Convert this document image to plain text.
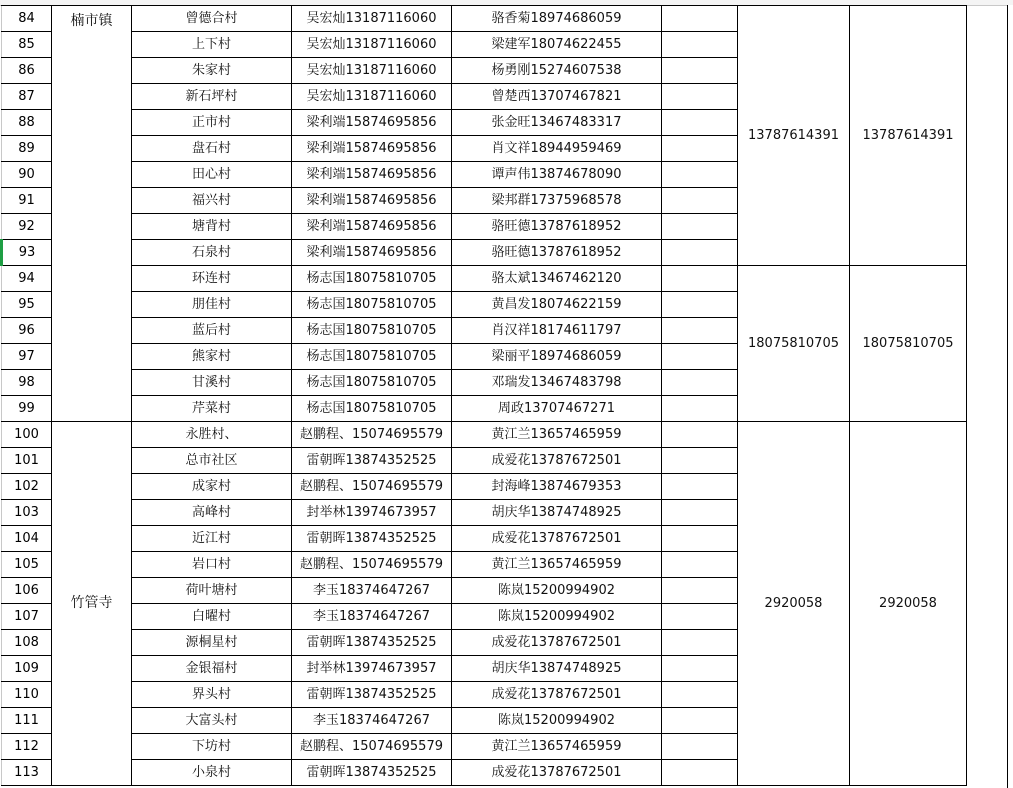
84	楠市镇	曾德合村	吴宏灿13187116060	骆香菊18974686059		13787614391	13787614391
85		上下村	吴宏灿13187116060	梁建军18074622455			
86		朱家村	吴宏灿13187116060	杨勇刚15274607538			
87		新石坪村	吴宏灿13187116060	曾楚西13707467821			
88		正市村	梁利端15874695856	张金旺13467483317			
89		盘石村	梁利端15874695856	肖文祥18944959469			
90		田心村	梁利端15874695856	谭声伟13874678090			
91		福兴村	梁利端15874695856	梁邦群17375968578			
92		塘背村	梁利端15874695856	骆旺德13787618952			
93		石泉村	梁利端15874695856	骆旺德13787618952			
94		环连村	杨志国18075810705	骆太斌13467462120		18075810705	18075810705
95		朋佳村	杨志国18075810705	黄昌发18074622159			
96		蓝后村	杨志国18075810705	肖汉祥18174611797			
97		熊家村	杨志国18075810705	梁丽平18974686059			
98		甘溪村	杨志国18075810705	邓瑞发13467483798			
99		芹菜村	杨志国18075810705	周政13707467271			
100	竹管寺	永胜村、	赵鹏程、15074695579	黄江兰13657465959		2920058	2920058
101		总市社区	雷朝晖13874352525	成爱花13787672501			
102		成家村	赵鹏程、15074695579	封海峰13874679353			
103		高峰村	封举林13974673957	胡庆华13874748925			
104		近江村	雷朝晖13874352525	成爱花13787672501			
105		岩口村	赵鹏程、15074695579	黄江兰13657465959			
106		荷叶塘村	李玉18374647267	陈岚15200994902			
107		白曜村	李玉18374647267	陈岚15200994902			
108		源桐星村	雷朝晖13874352525	成爱花13787672501			
109		金银福村	封举林13974673957	胡庆华13874748925			
110		界头村	雷朝晖13874352525	成爱花13787672501			
111		大富头村	李玉18374647267	陈岚15200994902			
112		下坊村	赵鹏程、15074695579	黄江兰13657465959			
113		小泉村	雷朝晖13874352525	成爱花13787672501			
